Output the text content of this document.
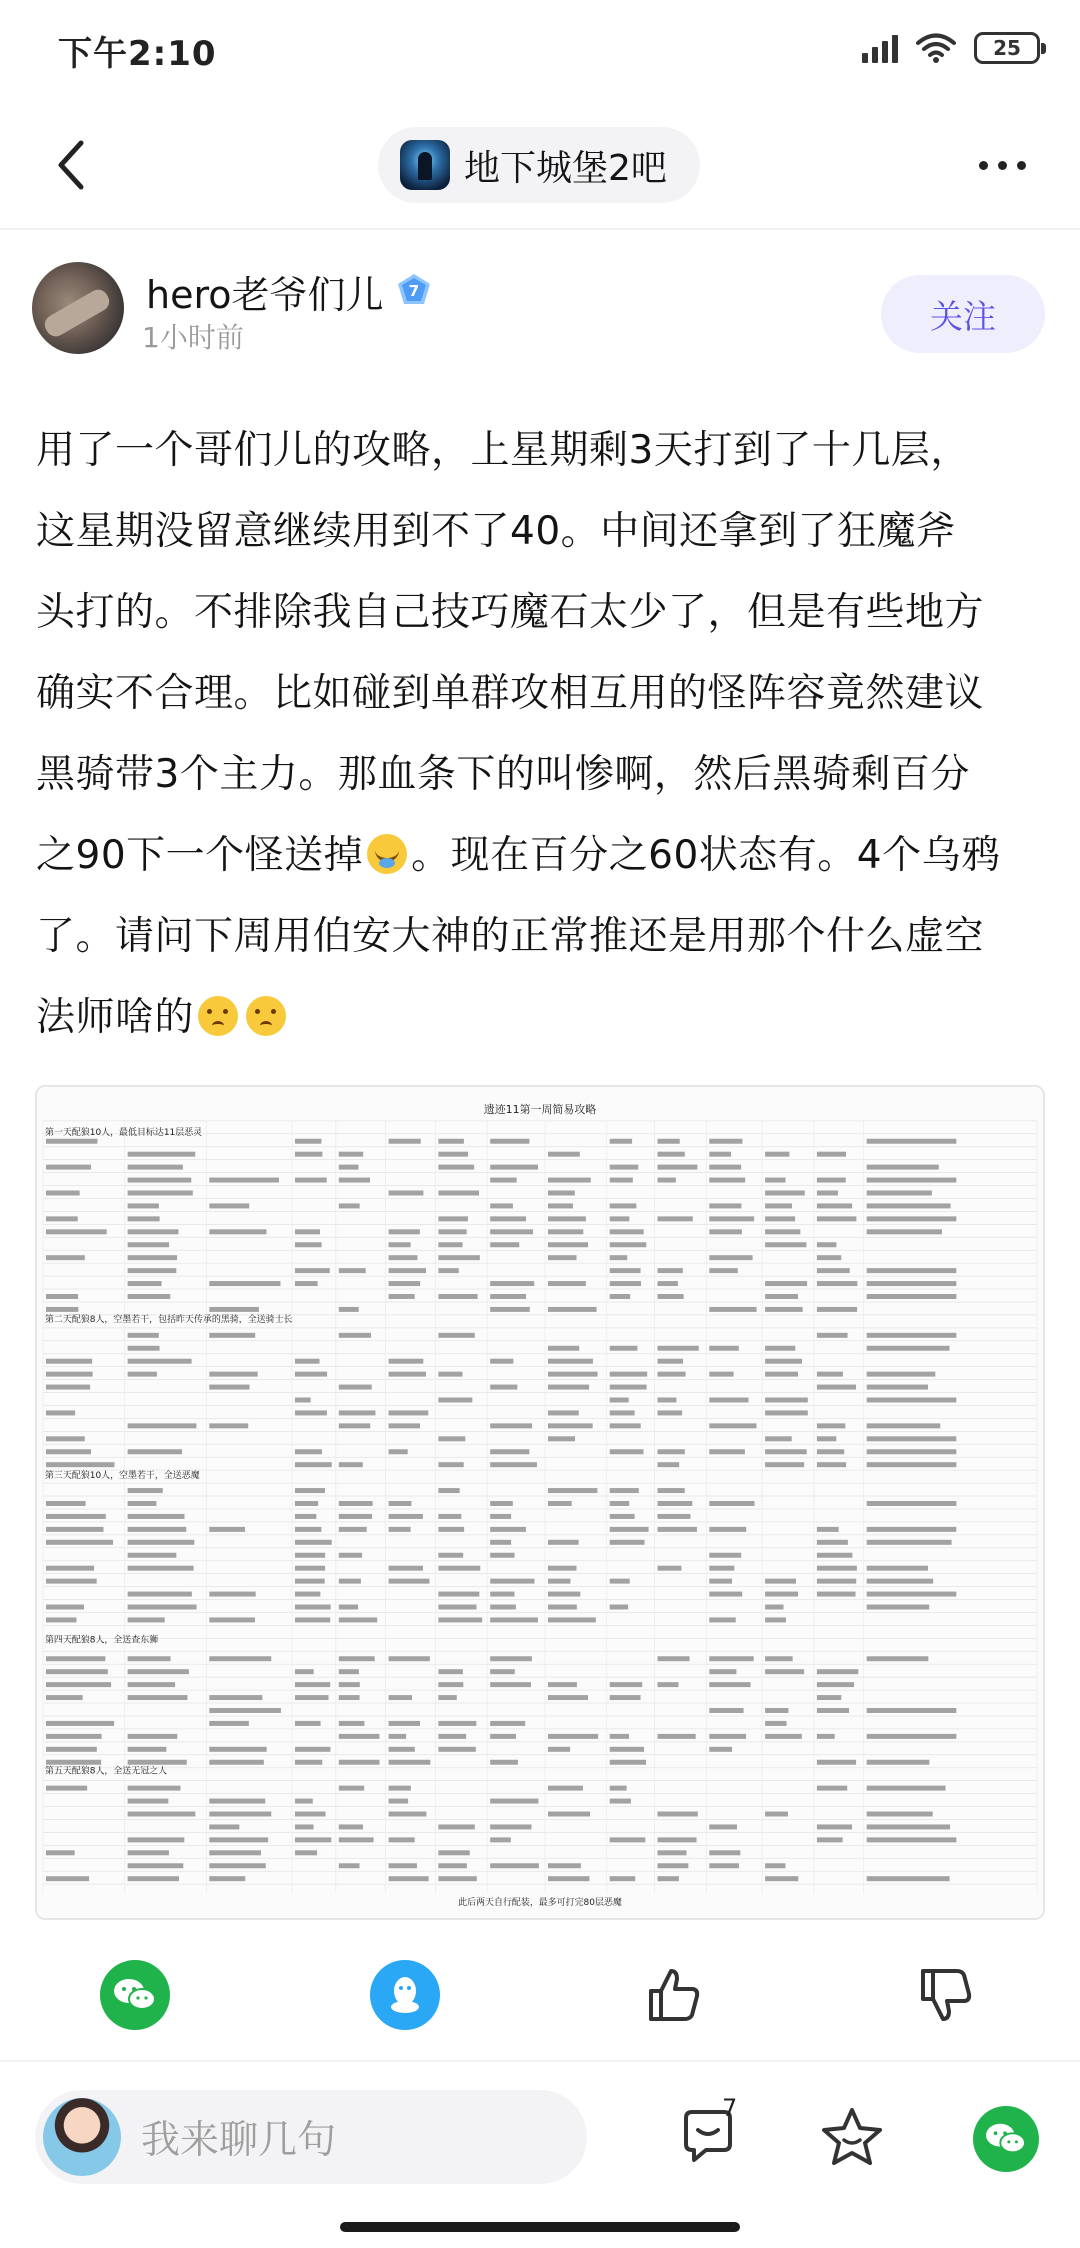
下午2:10	25
地下城堡2吧
hero老爷们儿 7
1小时前
关注
用了一个哥们儿的攻略，上星期剩3天打到了十几层，
这星期没留意继续用到不了40。中间还拿到了狂魔斧
头打的。不排除我自己技巧魔石太少了，但是有些地方
确实不合理。比如碰到单群攻相互用的怪阵容竟然建议
黑骑带3个主力。那血条下的叫惨啊，然后黑骑剩百分
之90下一个怪送掉 。现在百分之60状态有。4个乌鸦
了。请问下周用伯安大神的正常推还是用那个什么虚空
法师啥的
遗迹11第一周简易攻略
第一天配狼10人，最低目标达11层恶灵
第二天配狼8人，空墨若干，包括昨天传承的黑骑，全送骑士长
第三天配狼10人，空墨若干，全送恶魔
第四天配狼8人，全送查东狮
第五天配狼8人，全送无冠之人
此后两天自行配装，最多可打完80层恶魔
我来聊几句
7
